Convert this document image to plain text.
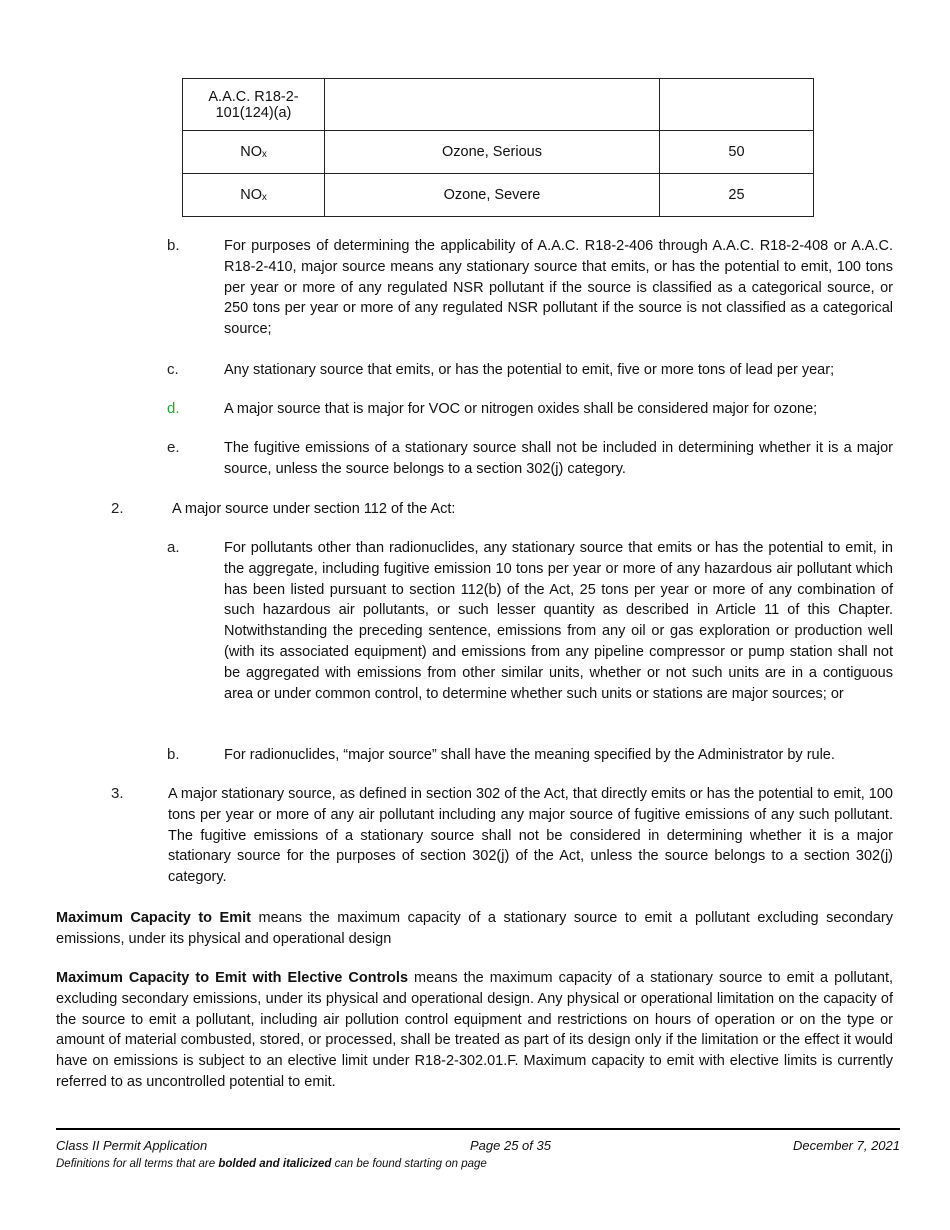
A.A.C. R18-2-101(124)(a)		
NOₓ	Ozone, Serious	50
NOₓ	Ozone, Severe	25
b.	For purposes of determining the applicability of A.A.C. R18-2-406 through A.A.C. R18-2-408 or A.A.C. R18-2-410, major source means any stationary source that emits, or has the potential to emit, 100 tons per year or more of any regulated NSR pollutant if the source is classified as a categorical source, or 250 tons per year or more of any regulated NSR pollutant if the source is not classified as a categorical source;
c.	Any stationary source that emits, or has the potential to emit, five or more tons of lead per year;
d.	A major source that is major for VOC or nitrogen oxides shall be considered major for ozone;
e.	The fugitive emissions of a stationary source shall not be included in determining whether it is a major source, unless the source belongs to a section 302(j) category.
2.	A major source under section 112 of the Act:
a.	For pollutants other than radionuclides, any stationary source that emits or has the potential to emit, in the aggregate, including fugitive emission 10 tons per year or more of any hazardous air pollutant which has been listed pursuant to section 112(b) of the Act, 25 tons per year or more of any combination of such hazardous air pollutants, or such lesser quantity as described in Article 11 of this Chapter. Notwithstanding the preceding sentence, emissions from any oil or gas exploration or production well (with its associated equipment) and emissions from any pipeline compressor or pump station shall not be aggregated with emissions from other similar units, whether or not such units are in a contiguous area or under common control, to determine whether such units or stations are major sources; or
b.	For radionuclides, “major source” shall have the meaning specified by the Administrator by rule.
3.	A major stationary source, as defined in section 302 of the Act, that directly emits or has the potential to emit, 100 tons per year or more of any air pollutant including any major source of fugitive emissions of any such pollutant. The fugitive emissions of a stationary source shall not be considered in determining whether it is a major stationary source for the purposes of section 302(j) of the Act, unless the source belongs to a section 302(j) category.
Maximum Capacity to Emit means the maximum capacity of a stationary source to emit a pollutant excluding secondary emissions, under its physical and operational design
Maximum Capacity to Emit with Elective Controls means the maximum capacity of a stationary source to emit a pollutant, excluding secondary emissions, under its physical and operational design. Any physical or operational limitation on the capacity of the source to emit a pollutant, including air pollution control equipment and restrictions on hours of operation or on the type or amount of material combusted, stored, or processed, shall be treated as part of its design only if the limitation or the effect it would have on emissions is subject to an elective limit under R18-2-302.01.F. Maximum capacity to emit with elective limits is currently referred to as uncontrolled potential to emit.
Class II Permit Application	Page 25 of 35	December 7, 2021
Definitions for all terms that are bolded and italicized can be found starting on page
